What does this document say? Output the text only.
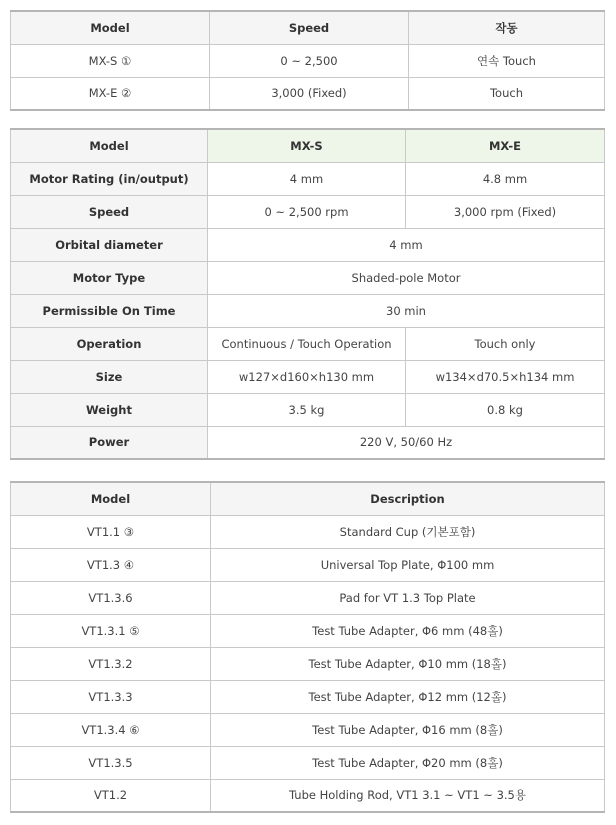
Model	Speed	작동
MX-S ①	0 ~ 2,500	연속 Touch
MX-E ②	3,000 (Fixed)	Touch
Model	MX-S	MX-E
Motor Rating (in/output)	4 mm	4.8 mm
Speed	0 ~ 2,500 rpm	3,000 rpm (Fixed)
Orbital diameter	4 mm	
Motor Type	Shaded-pole Motor	
Permissible On Time	30 min	
Operation	Continuous / Touch Operation	Touch only
Size	w127×d160×h130 mm	w134×d70.5×h134 mm
Weight	3.5 kg	0.8 kg
Power	220 V, 50/60 Hz	
Model	Description
VT1.1 ③	Standard Cup (기본포함)
VT1.3 ④	Universal Top Plate, Φ100 mm
VT1.3.6	Pad for VT 1.3 Top Plate
VT1.3.1 ⑤	Test Tube Adapter, Φ6 mm (48홀)
VT1.3.2	Test Tube Adapter, Φ10 mm (18홀)
VT1.3.3	Test Tube Adapter, Φ12 mm (12홀)
VT1.3.4 ⑥	Test Tube Adapter, Φ16 mm (8홀)
VT1.3.5	Test Tube Adapter, Φ20 mm (8홀)
VT1.2	Tube Holding Rod, VT1 3.1 ~ VT1 ~ 3.5용
